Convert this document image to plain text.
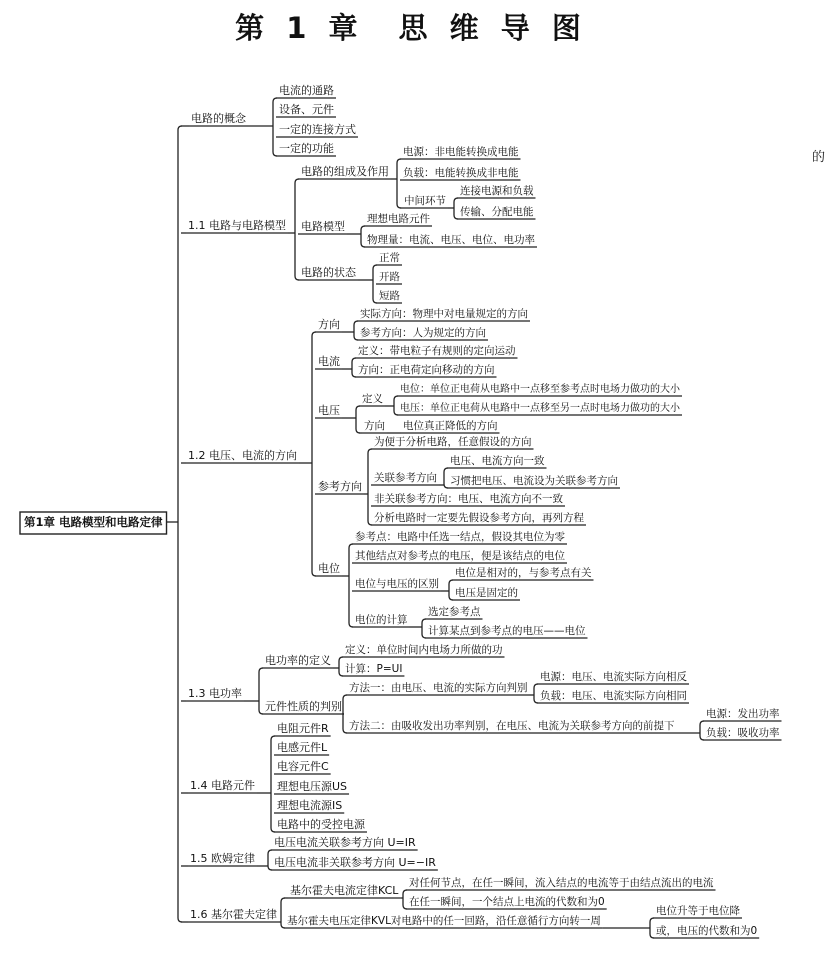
第 1 章　思 维 导 图
的
第1章 电路模型和电路定律
电路的概念
电流的通路
设备、元件
一定的连接方式
一定的功能
1.1 电路与电路模型
电路的组成及作用
电源：非电能转换成电能
负载：电能转换成非电能
中间环节
连接电源和负载
传输、分配电能
电路模型
理想电路元件
物理量：电流、电压、电位、电功率
电路的状态
正常
开路
短路
1.2 电压、电流的方向
方向
实际方向：物理中对电量规定的方向
参考方向：人为规定的方向
电流
定义：带电粒子有规则的定向运动
方向：正电荷定向移动的方向
电压
定义
电位：单位正电荷从电路中一点移至参考点时电场力做功的大小
电压：单位正电荷从电路中一点移至另一点时电场力做功的大小
方向 电位真正降低的方向
参考方向
为便于分析电路，任意假设的方向
关联参考方向
电压、电流方向一致
习惯把电压、电流设为关联参考方向
非关联参考方向：电压、电流方向不一致
分析电路时一定要先假设参考方向，再列方程
电位
参考点：电路中任选一结点，假设其电位为零
其他结点对参考点的电压，便是该结点的电位
电位与电压的区别
电位是相对的，与参考点有关
电压是固定的
电位的计算
选定参考点
计算某点到参考点的电压——电位
1.3 电功率
电功率的定义
定义：单位时间内电场力所做的功
计算：P=UI
元件性质的判别
方法一：由电压、电流的实际方向判别
电源：电压、电流实际方向相反
负载：电压、电流实际方向相同
方法二：由吸收发出功率判别，在电压、电流为关联参考方向的前提下
电源：发出功率
负载：吸收功率
1.4 电路元件
电阻元件R
电感元件L
电容元件C
理想电压源US
理想电流源IS
电路中的受控电源
1.5 欧姆定律
电压电流关联参考方向 U=IR
电压电流非关联参考方向 U=−IR
1.6 基尔霍夫定律
基尔霍夫电流定律KCL
对任何节点，在任一瞬间，流入结点的电流等于由结点流出的电流
在任一瞬间，一个结点上电流的代数和为0
基尔霍夫电压定律KVL对电路中的任一回路，沿任意循行方向转一周
电位升等于电位降
或，电压的代数和为0
